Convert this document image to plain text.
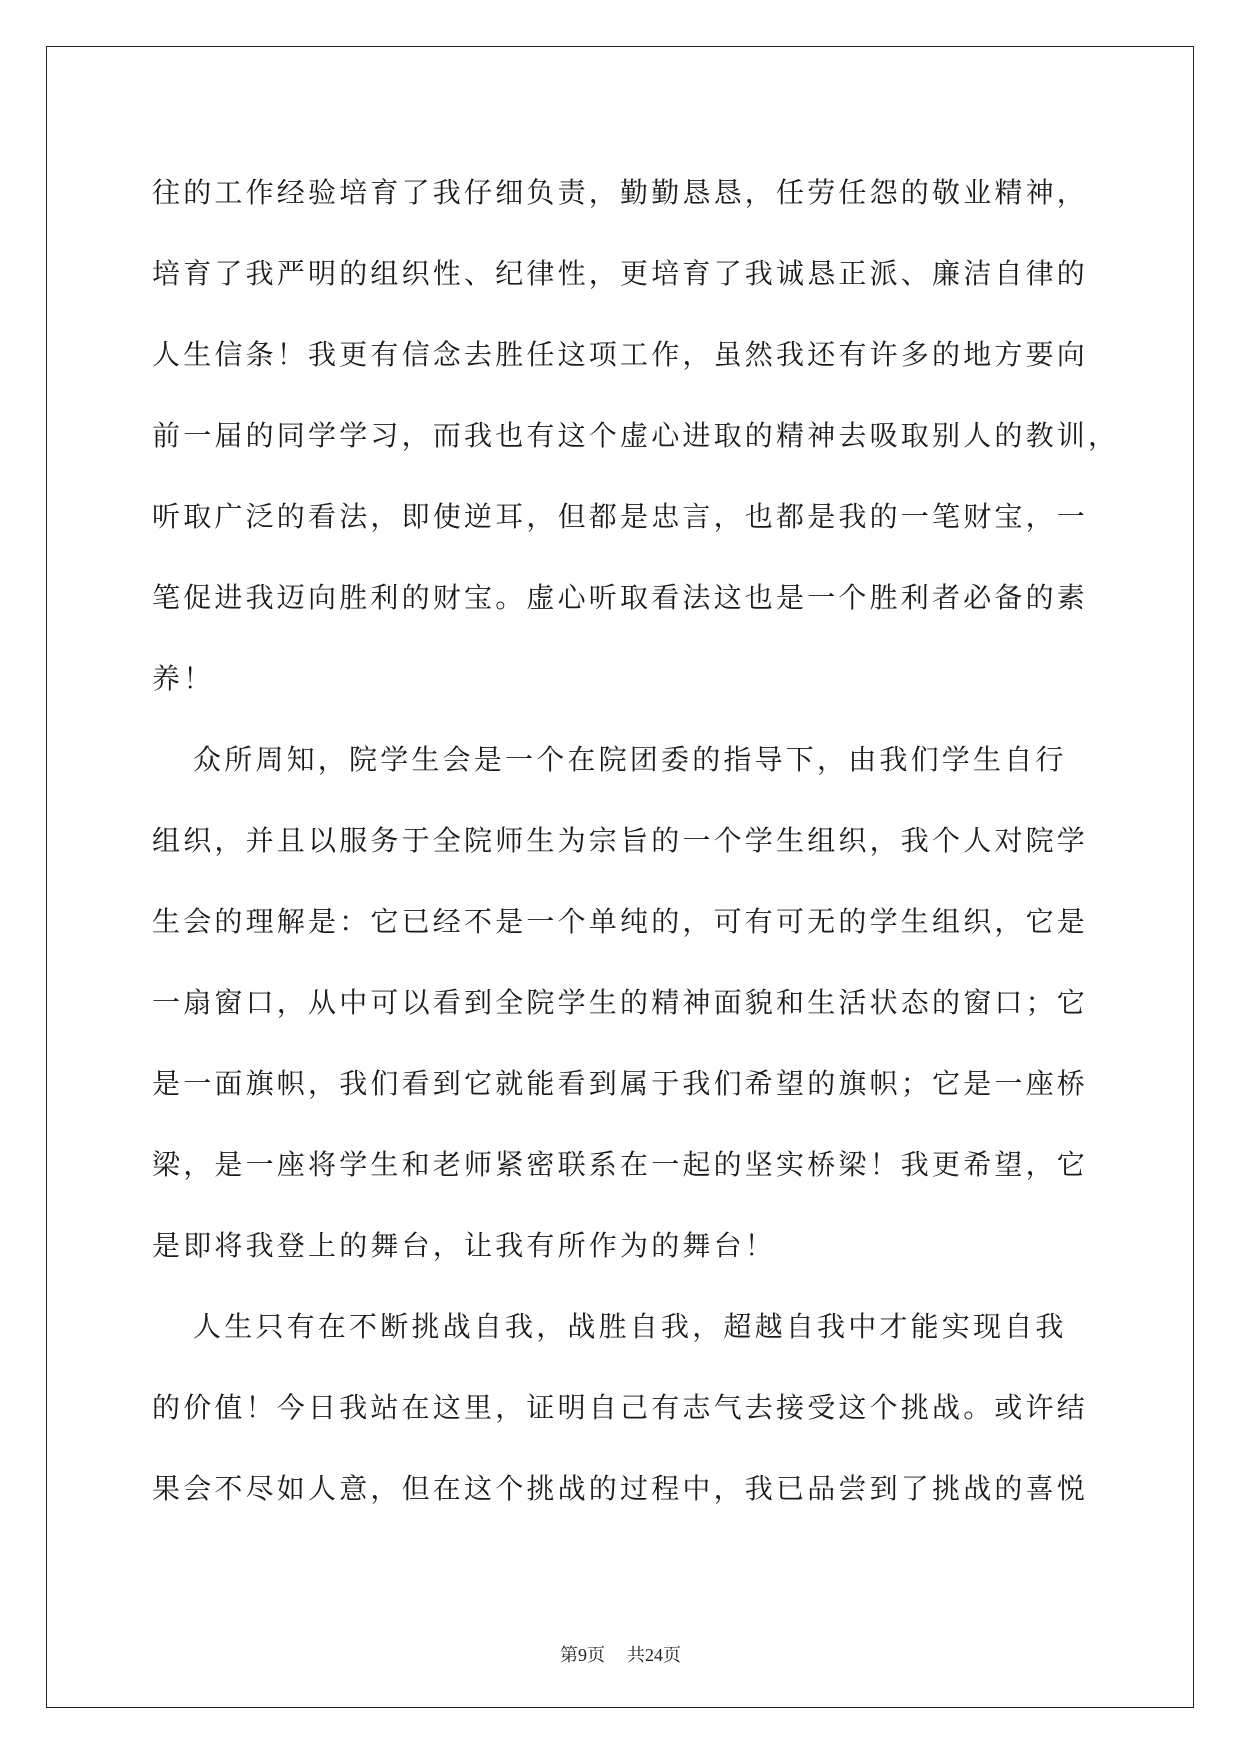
往的工作经验培育了我仔细负责，勤勤恳恳，任劳任怨的敬业精神，
培育了我严明的组织性、纪律性，更培育了我诚恳正派、廉洁自律的
人生信条！我更有信念去胜任这项工作，虽然我还有许多的地方要向
前一届的同学学习，而我也有这个虚心进取的精神去吸取别人的教训，
听取广泛的看法，即使逆耳，但都是忠言，也都是我的一笔财宝，一
笔促进我迈向胜利的财宝。虚心听取看法这也是一个胜利者必备的素
养！
众所周知，院学生会是一个在院团委的指导下，由我们学生自行
组织，并且以服务于全院师生为宗旨的一个学生组织，我个人对院学
生会的理解是：它已经不是一个单纯的，可有可无的学生组织，它是
一扇窗口，从中可以看到全院学生的精神面貌和生活状态的窗口；它
是一面旗帜，我们看到它就能看到属于我们希望的旗帜；它是一座桥
梁，是一座将学生和老师紧密联系在一起的坚实桥梁！我更希望，它
是即将我登上的舞台，让我有所作为的舞台！
人生只有在不断挑战自我，战胜自我，超越自我中才能实现自我
的价值！今日我站在这里，证明自己有志气去接受这个挑战。或许结
果会不尽如人意，但在这个挑战的过程中，我已品尝到了挑战的喜悦
第9页 共24页
